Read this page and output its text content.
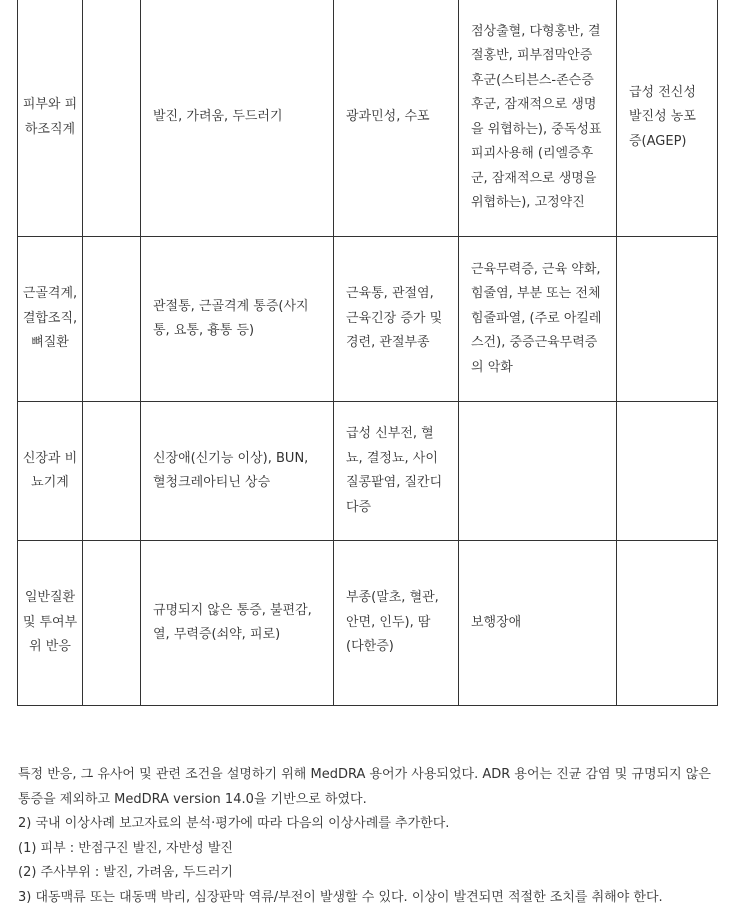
피부와 피하조직계		발진, 가려움, 두드러기	광과민성, 수포	점상출혈, 다형홍반, 결절홍반, 피부점막안증후군(스티븐스-존슨증후군, 잠재적으로 생명을 위협하는), 중독성표피괴사용해 (리엘증후군, 잠재적으로 생명을 위협하는), 고정약진	급성 전신성 발진성 농포증(AGEP)
근골격계, 결합조직, 뼈질환		관절통, 근골격계 통증(사지통, 요통, 흉통 등)	근육통, 관절염, 근육긴장 증가 및 경련, 관절부종	근육무력증, 근육 약화, 힘줄염, 부분 또는 전체 힘줄파열, (주로 아킬레스건), 중증근육무력증의 악화	
신장과 비뇨기계		신장애(신기능 이상), BUN, 혈청크레아티닌 상승	급성 신부전, 혈뇨, 결정뇨, 사이질콩팥염, 질칸디다증		
일반질환 및 투여부위 반응		규명되지 않은 통증, 불편감, 열, 무력증(쇠약, 피로)	부종(말초, 혈관, 안면, 인두), 땀(다한증)	보행장애	

특정 반응, 그 유사어 및 관련 조건을 설명하기 위해 MedDRA 용어가 사용되었다. ADR 용어는 진균 감염 및 규명되지 않은 통증을 제외하고 MedDRA version 14.0을 기반으로 하였다.

2) 국내 이상사례 보고자료의 분석·평가에 따라 다음의 이상사례를 추가한다.

(1) 피부 : 반점구진 발진, 자반성 발진

(2) 주사부위 : 발진, 가려움, 두드러기

3) 대동맥류 또는 대동맥 박리, 심장판막 역류/부전이 발생할 수 있다. 이상이 발견되면 적절한 조치를 취해야 한다.
